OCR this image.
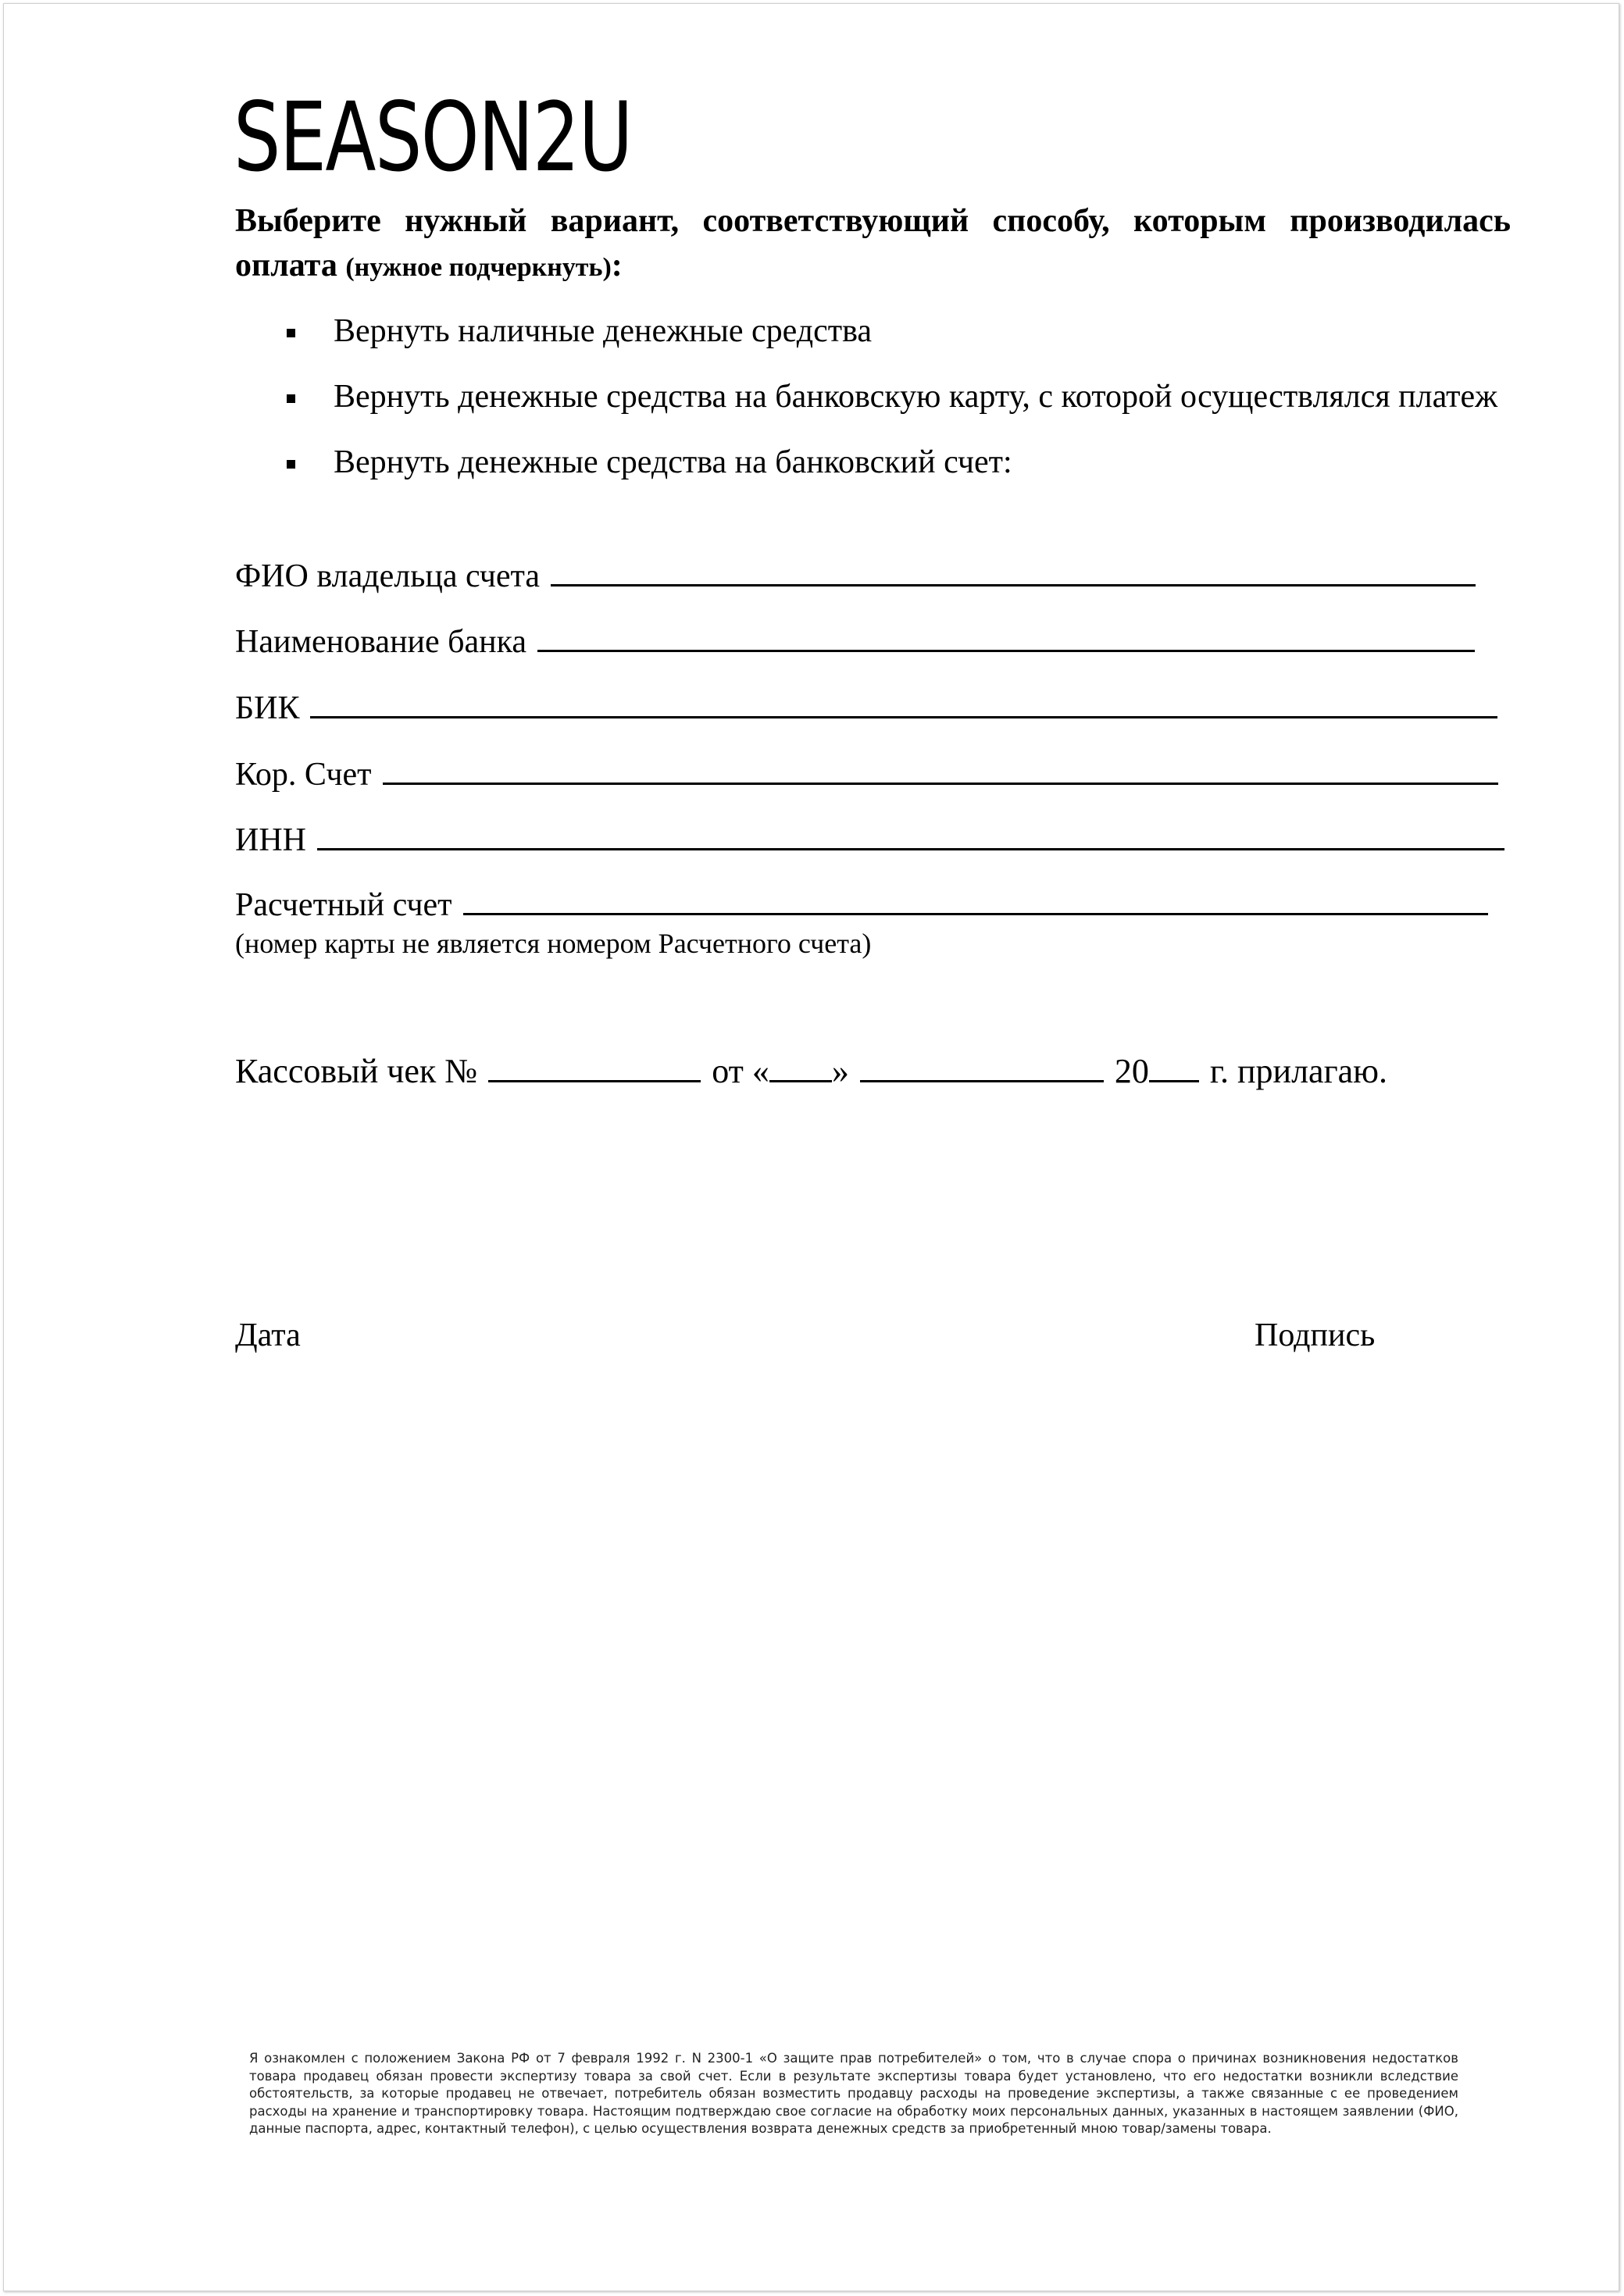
SEASON2U
Выберите нужный вариант, соответствующий способу, которым производилась оплата (нужное подчеркнуть):
Вернуть наличные денежные средства
Вернуть денежные средства на банковскую карту, с которой осуществлялся платеж
Вернуть денежные средства на банковский счет:
ФИО владельца счета
Наименование банка
БИК
Кор. Счет
ИНН
Расчетный счет
(номер карты не является номером Расчетного счета)
Кассовый чек №	от « »	20 г. прилагаю.
Дата	Подпись
Я ознакомлен с положением Закона РФ от 7 февраля 1992 г. N 2300-1 «О защите прав потребителей» о том, что в случае спора о причинах возникновения недостатков товара продавец обязан провести экспертизу товара за свой счет. Если в результате экспертизы товара будет установлено, что его недостатки возникли вследствие обстоятельств, за которые продавец не отвечает, потребитель обязан возместить продавцу расходы на проведение экспертизы, а также связанные с ее проведением расходы на хранение и транспортировку товара. Настоящим подтверждаю свое согласие на обработку моих персональных данных, указанных в настоящем заявлении (ФИО, данные паспорта, адрес, контактный телефон), с целью осуществления возврата денежных средств за приобретенный мною товар/замены товара.
